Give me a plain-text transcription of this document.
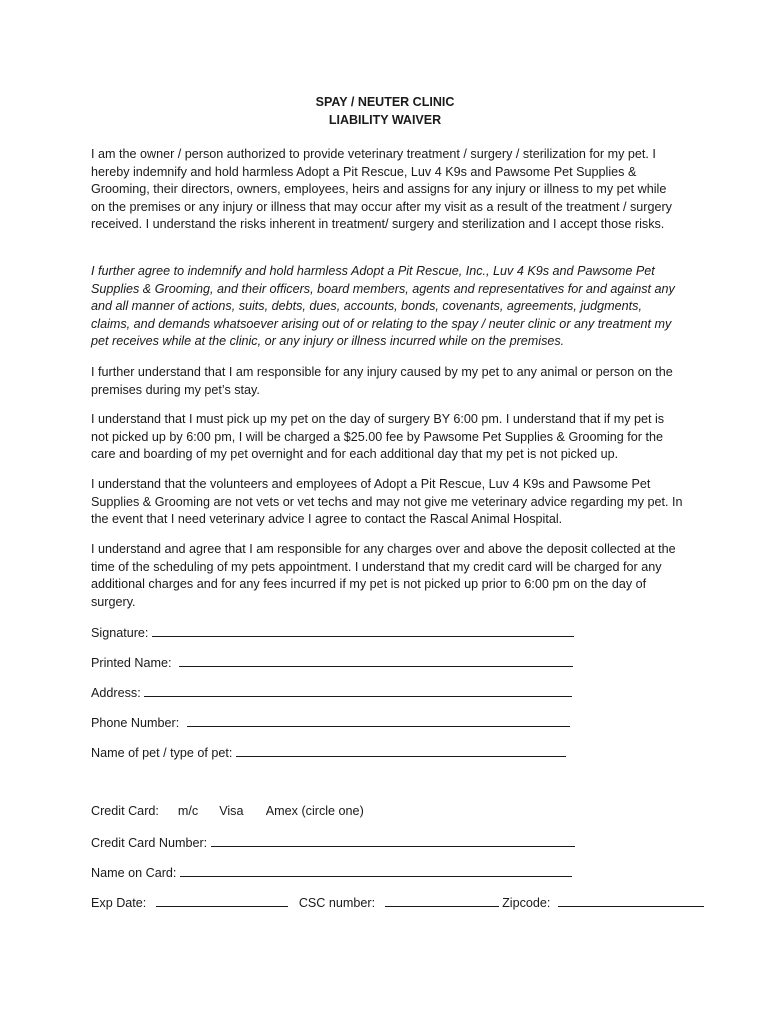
SPAY / NEUTER CLINIC
LIABILITY WAIVER

I am the owner / person authorized to provide veterinary treatment / surgery / sterilization for my pet. I hereby indemnify and hold harmless Adopt a Pit Rescue, Luv 4 K9s and Pawsome Pet Supplies & Grooming, their directors, owners, employees, heirs and assigns for any injury or illness to my pet while on the premises or any injury or illness that may occur after my visit as a result of the treatment / surgery received. I understand the risks inherent in treatment/ surgery and sterilization and I accept those risks.

I further agree to indemnify and hold harmless Adopt a Pit Rescue, Inc., Luv 4 K9s and Pawsome Pet Supplies & Grooming, and their officers, board members, agents and representatives for and against any and all manner of actions, suits, debts, dues, accounts, bonds, covenants, agreements, judgments, claims, and demands whatsoever arising out of or relating to the spay / neuter clinic or any treatment my pet receives while at the clinic, or any injury or illness incurred while on the premises.

I further understand that I am responsible for any injury caused by my pet to any animal or person on the premises during my pet’s stay.

I understand that I must pick up my pet on the day of surgery BY 6:00 pm. I understand that if my pet is not picked up by 6:00 pm, I will be charged a $25.00 fee by Pawsome Pet Supplies & Grooming for the care and boarding of my pet overnight and for each additional day that my pet is not picked up.

I understand that the volunteers and employees of Adopt a Pit Rescue, Luv 4 K9s and Pawsome Pet Supplies & Grooming are not vets or vet techs and may not give me veterinary advice regarding my pet. In the event that I need veterinary advice I agree to contact the Rascal Animal Hospital.

I understand and agree that I am responsible for any charges over and above the deposit collected at the time of the scheduling of my pets appointment. I understand that my credit card will be charged for any additional charges and for any fees incurred if my pet is not picked up prior to 6:00 pm on the day of surgery.

Signature:
Printed Name:
Address:
Phone Number:
Name of pet / type of pet:
Credit Card: m/c Visa Amex (circle one)
Credit Card Number:
Name on Card:
Exp Date:	CSC number:	Zipcode:
